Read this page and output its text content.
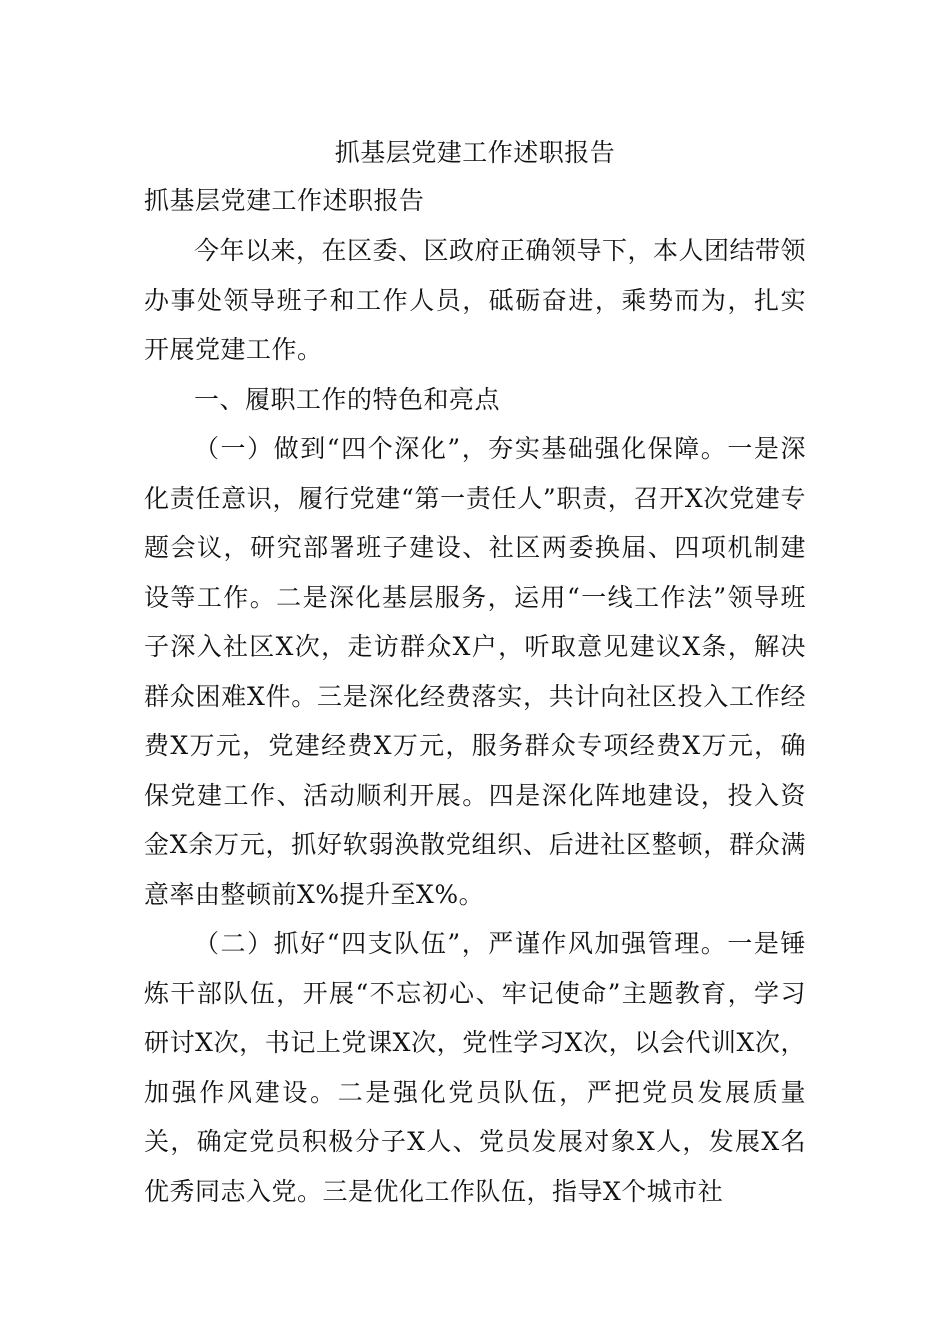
抓基层党建工作述职报告
抓基层党建工作述职报告

今年以来，在区委、区政府正确领导下，本人团结带领办事处领导班子和工作人员，砥砺奋进，乘势而为，扎实开展党建工作。

一、履职工作的特色和亮点

（一）做到“四个深化”，夯实基础强化保障。一是深化责任意识，履行党建“第一责任人”职责，召开X次党建专题会议，研究部署班子建设、社区两委换届、四项机制建设等工作。二是深化基层服务，运用“一线工作法”领导班子深入社区X次，走访群众X户，听取意见建议X条，解决群众困难X件。三是深化经费落实，共计向社区投入工作经费X万元，党建经费X万元，服务群众专项经费X万元，确保党建工作、活动顺利开展。四是深化阵地建设，投入资金X余万元，抓好软弱涣散党组织、后进社区整顿，群众满意率由整顿前X%提升至X%。

（二）抓好“四支队伍”，严谨作风加强管理。一是锤炼干部队伍，开展“不忘初心、牢记使命”主题教育，学习研讨X次，书记上党课X次，党性学习X次，以会代训X次，加强作风建设。二是强化党员队伍，严把党员发展质量关，确定党员积极分子X人、党员发展对象X人，发展X名优秀同志入党。三是优化工作队伍，指导X个城市社
